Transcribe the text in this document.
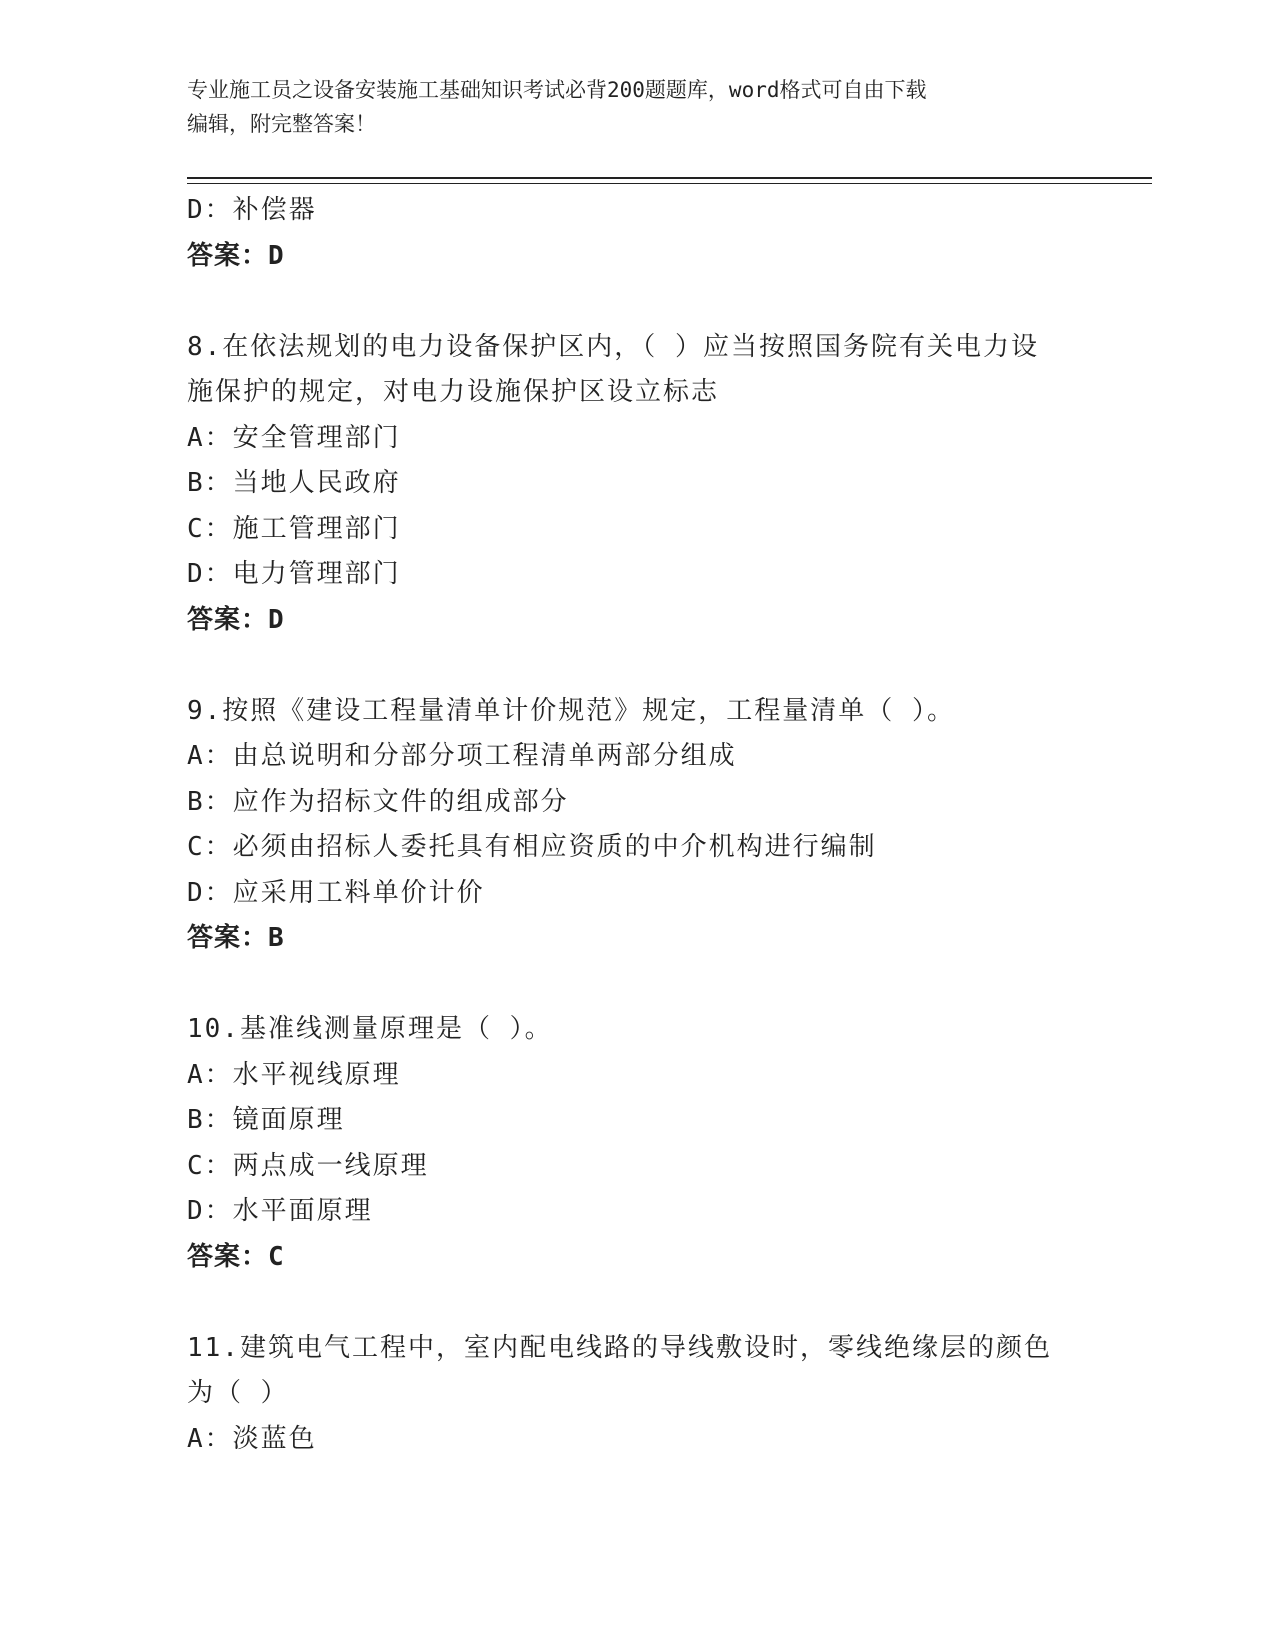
专业施工员之设备安装施工基础知识考试必背200题题库，word格式可自由下载
编辑，附完整答案！
D：补偿器
答案：D
8.在依法规划的电力设备保护区内，（ ）应当按照国务院有关电力设
施保护的规定，对电力设施保护区设立标志
A：安全管理部门
B：当地人民政府
C：施工管理部门
D：电力管理部门
答案：D
9.按照《建设工程量清单计价规范》规定，工程量清单（ ）。
A：由总说明和分部分项工程清单两部分组成
B：应作为招标文件的组成部分
C：必须由招标人委托具有相应资质的中介机构进行编制
D：应采用工料单价计价
答案：B
10.基准线测量原理是（ ）。
A：水平视线原理
B：镜面原理
C：两点成一线原理
D：水平面原理
答案：C
11.建筑电气工程中，室内配电线路的导线敷设时，零线绝缘层的颜色
为（ ）
A：淡蓝色
